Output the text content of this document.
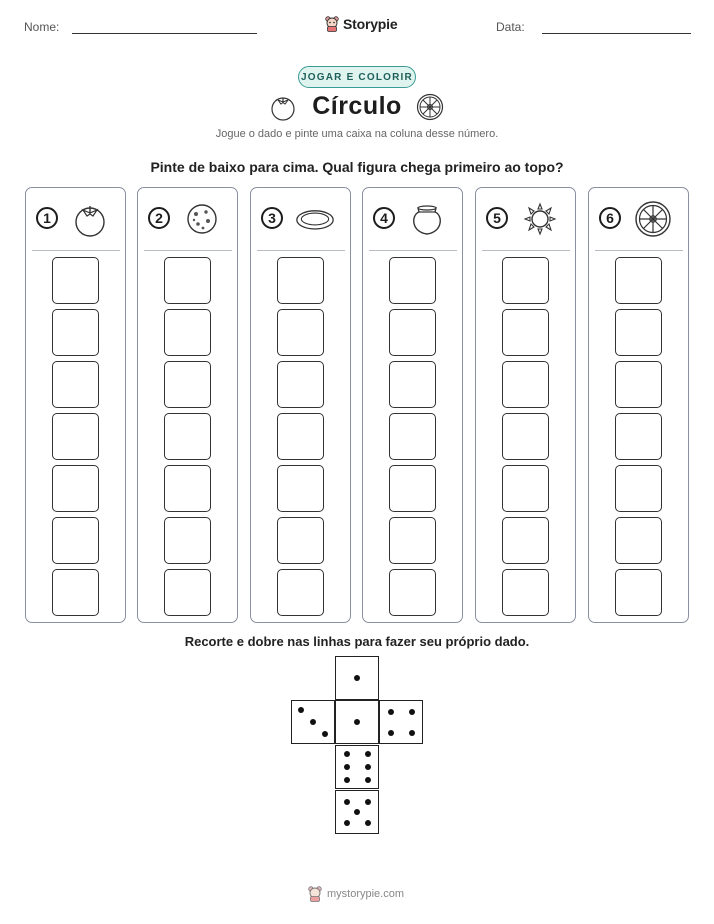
Nome:	Storypie	Data:
JOGAR E COLORIR
Círculo
Jogue o dado e pinte uma caixa na coluna desse número.
Pinte de baixo para cima. Qual figura chega primeiro ao topo?
1	2	3	4	5	6
Recorte e dobre nas linhas para fazer seu próprio dado.
mystorypie.com
